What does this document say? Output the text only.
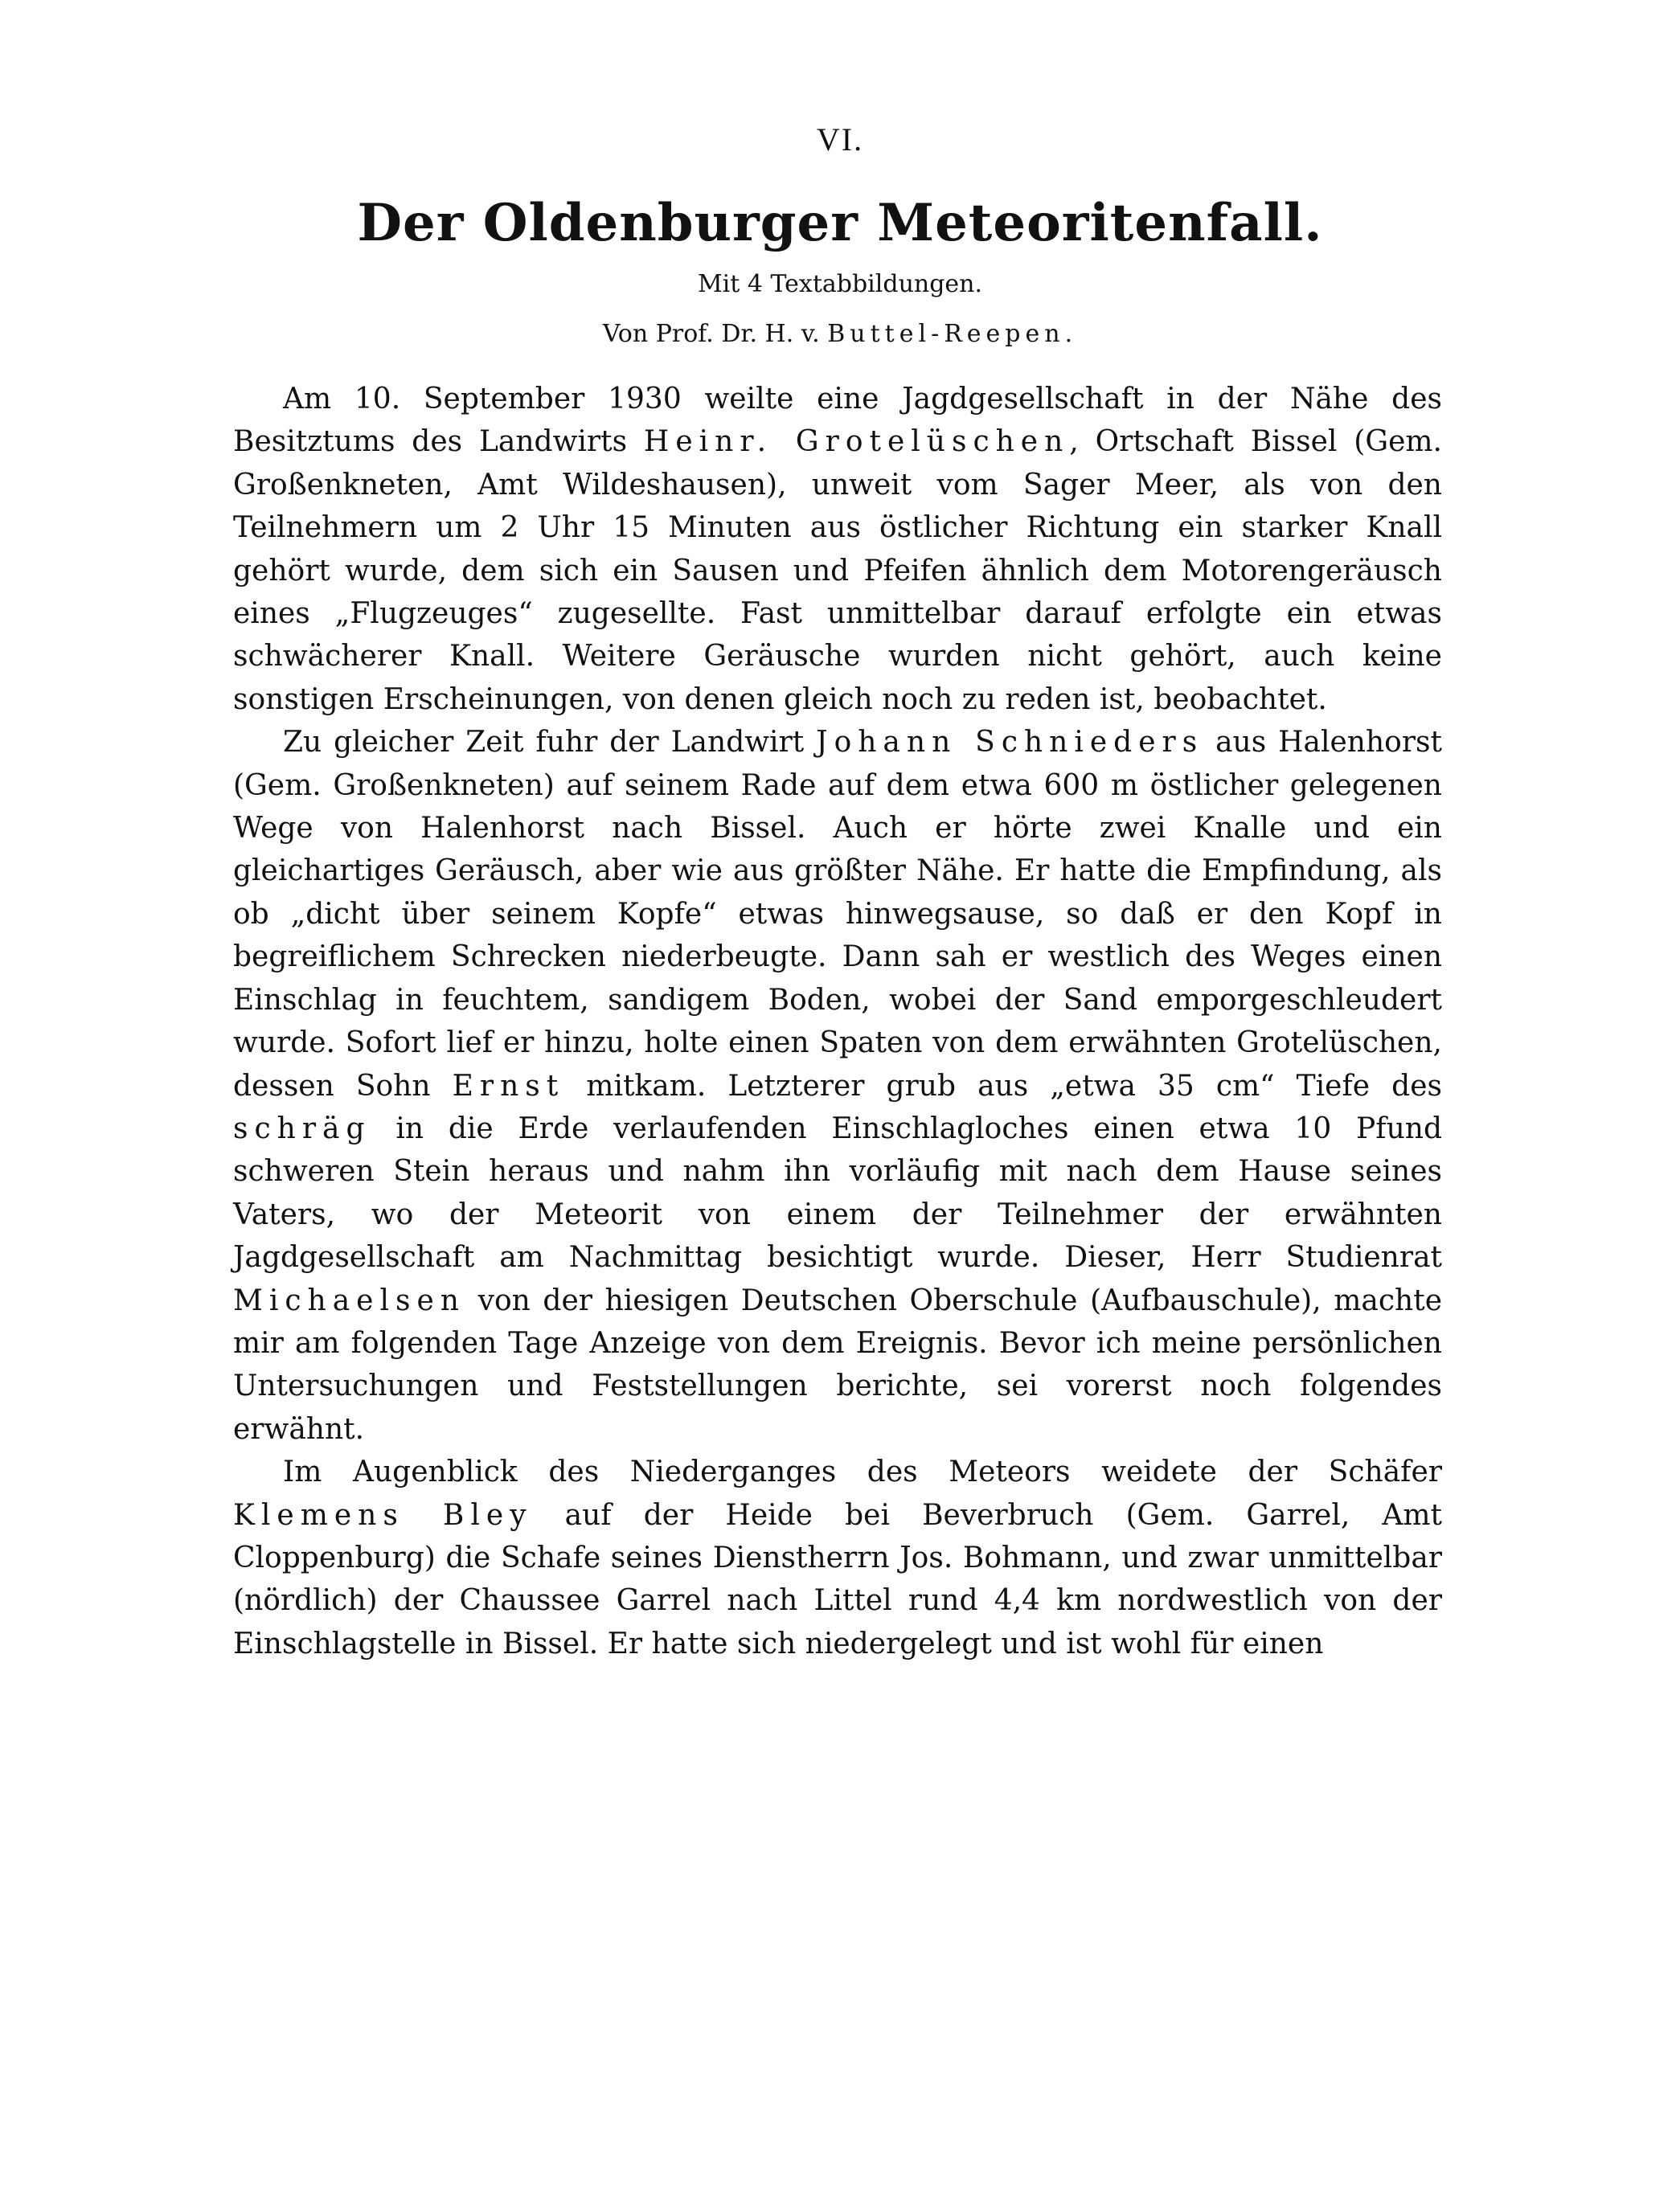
VI.
Der Oldenburger Meteoritenfall.
Mit 4 Textabbildungen.
Von Prof. Dr. H. v. Buttel-Reepen.

Am 10. September 1930 weilte eine Jagdgesellschaft in der Nähe des Besitztums des Landwirts Heinr. Grotelüschen, Ortschaft Bissel (Gem. Großenkneten, Amt Wildeshausen), unweit vom Sager Meer, als von den Teilnehmern um 2 Uhr 15 Minuten aus östlicher Richtung ein starker Knall gehört wurde, dem sich ein Sausen und Pfeifen ähnlich dem Motorengeräusch eines „Flugzeuges“ zugesellte. Fast unmittelbar darauf erfolgte ein etwas schwächerer Knall. Weitere Geräusche wurden nicht gehört, auch keine sonstigen Erscheinungen, von denen gleich noch zu reden ist, beobachtet.

Zu gleicher Zeit fuhr der Landwirt Johann Schnieders aus Halenhorst (Gem. Großenkneten) auf seinem Rade auf dem etwa 600 m östlicher gelegenen Wege von Halenhorst nach Bissel. Auch er hörte zwei Knalle und ein gleichartiges Geräusch, aber wie aus größter Nähe. Er hatte die Empfindung, als ob „dicht über seinem Kopfe“ etwas hinwegsause, so daß er den Kopf in begreiflichem Schrecken niederbeugte. Dann sah er westlich des Weges einen Einschlag in feuchtem, sandigem Boden, wobei der Sand emporgeschleudert wurde. Sofort lief er hinzu, holte einen Spaten von dem erwähnten Grotelüschen, dessen Sohn Ernst mitkam. Letzterer grub aus „etwa 35 cm“ Tiefe des schräg in die Erde verlaufenden Einschlagloches einen etwa 10 Pfund schweren Stein heraus und nahm ihn vorläufig mit nach dem Hause seines Vaters, wo der Meteorit von einem der Teilnehmer der erwähnten Jagdgesellschaft am Nachmittag besichtigt wurde. Dieser, Herr Studienrat Michaelsen von der hiesigen Deutschen Oberschule (Aufbauschule), machte mir am folgenden Tage Anzeige von dem Ereignis. Bevor ich meine persönlichen Untersuchungen und Feststellungen berichte, sei vorerst noch folgendes erwähnt.

Im Augenblick des Niederganges des Meteors weidete der Schäfer Klemens Bley auf der Heide bei Beverbruch (Gem. Garrel, Amt Cloppenburg) die Schafe seines Dienstherrn Jos. Bohmann, und zwar unmittelbar (nördlich) der Chaussee Garrel nach Littel rund 4,4 km nordwestlich von der Einschlagstelle in Bissel. Er hatte sich niedergelegt und ist wohl für einen
